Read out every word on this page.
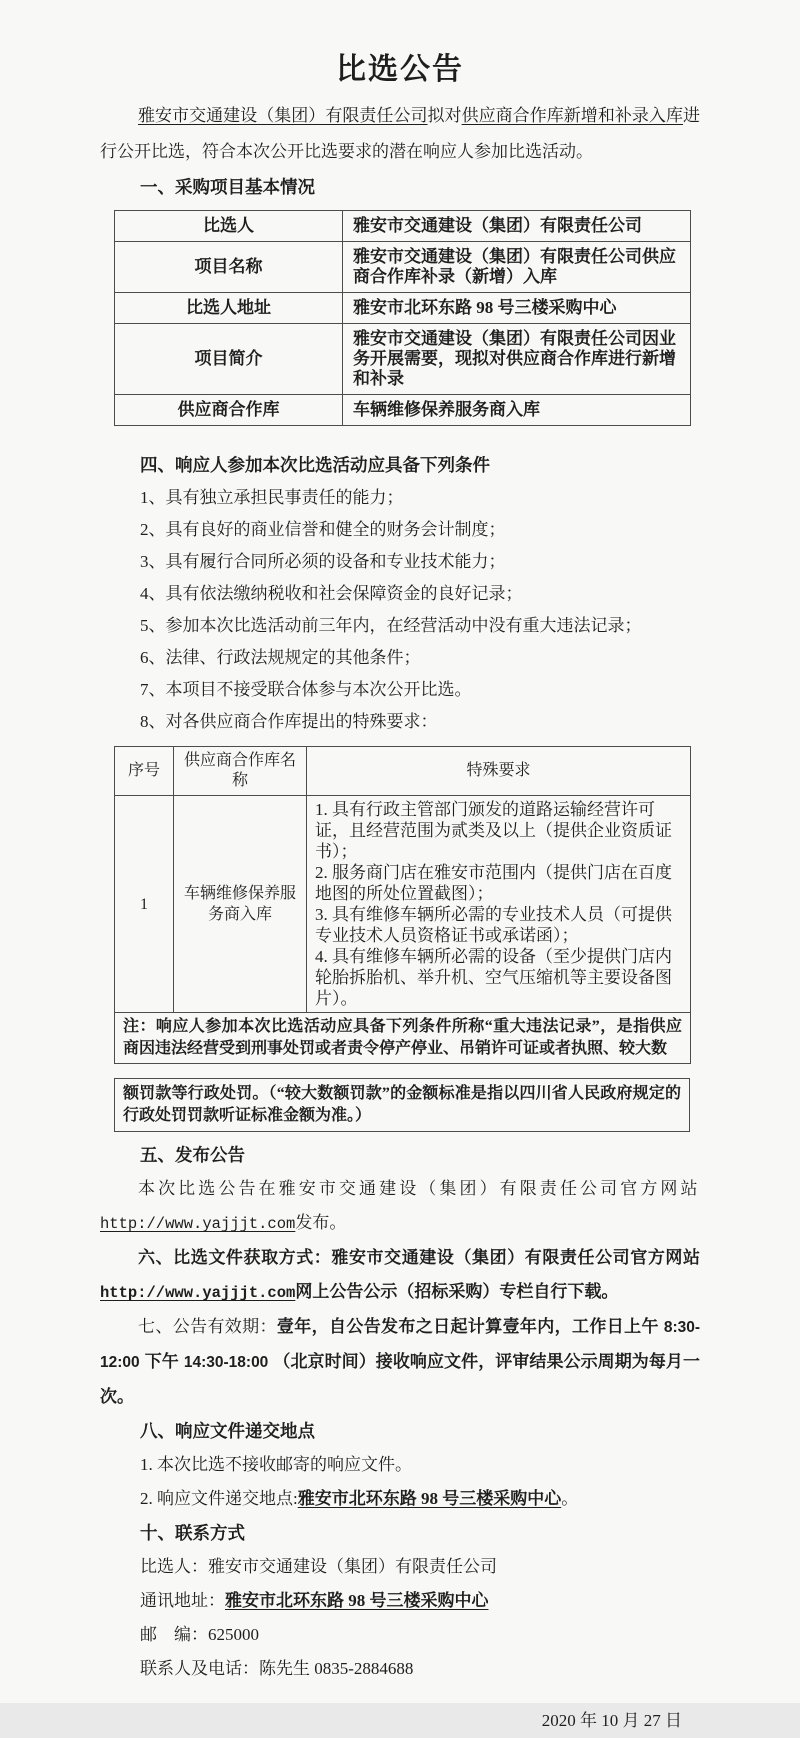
比选公告

雅安市交通建设（集团）有限责任公司拟对供应商合作库新增和补录入库进行公开比选，符合本次公开比选要求的潜在响应人参加比选活动。

一、采购项目基本情况

比选人	雅安市交通建设（集团）有限责任公司
项目名称	雅安市交通建设（集团）有限责任公司供应商合作库补录（新增）入库
比选人地址	雅安市北环东路 98 号三楼采购中心
项目简介	雅安市交通建设（集团）有限责任公司因业务开展需要，现拟对供应商合作库进行新增和补录
供应商合作库	车辆维修保养服务商入库

四、响应人参加本次比选活动应具备下列条件

1、具有独立承担民事责任的能力；

2、具有良好的商业信誉和健全的财务会计制度；

3、具有履行合同所必须的设备和专业技术能力；

4、具有依法缴纳税收和社会保障资金的良好记录；

5、参加本次比选活动前三年内，在经营活动中没有重大违法记录；

6、法律、行政法规规定的其他条件；

7、本项目不接受联合体参与本次公开比选。

8、对各供应商合作库提出的特殊要求：

序号	供应商合作库名称	特殊要求
1	车辆维修保养服务商入库	1. 具有行政主管部门颁发的道路运输经营许可证，且经营范围为贰类及以上（提供企业资质证书）；
2. 服务商门店在雅安市范围内（提供门店在百度地图的所处位置截图）；
3. 具有维修车辆所必需的专业技术人员（可提供专业技术人员资格证书或承诺函）；
4. 具有维修车辆所必需的设备（至少提供门店内轮胎拆胎机、举升机、空气压缩机等主要设备图片）。

注：响应人参加本次比选活动应具备下列条件所称“重大违法记录”，是指供应商因违法经营受到刑事处罚或者责令停产停业、吊销许可证或者执照、较大数		
额罚款等行政处罚。（“较大数额罚款”的金额标准是指以四川省人民政府规定的行政处罚罚款听证标准金额为准。）

五、发布公告

本次比选公告在雅安市交通建设（集团）有限责任公司官方网站http://www.yajjjt.com发布。

六、比选文件获取方式：雅安市交通建设（集团）有限责任公司官方网站http://www.yajjjt.com网上公告公示（招标采购）专栏自行下载。

七、公告有效期：壹年，自公告发布之日起计算壹年内，工作日上午 8:30-12:00 下午 14:30-18:00 （北京时间）接收响应文件，评审结果公示周期为每月一次。

八、响应文件递交地点

1. 本次比选不接收邮寄的响应文件。

2. 响应文件递交地点:雅安市北环东路 98 号三楼采购中心。

十、联系方式

比选人：雅安市交通建设（集团）有限责任公司

通讯地址：雅安市北环东路 98 号三楼采购中心

邮　编：625000

联系人及电话：陈先生 0835-2884688

2020 年 10 月 27 日
